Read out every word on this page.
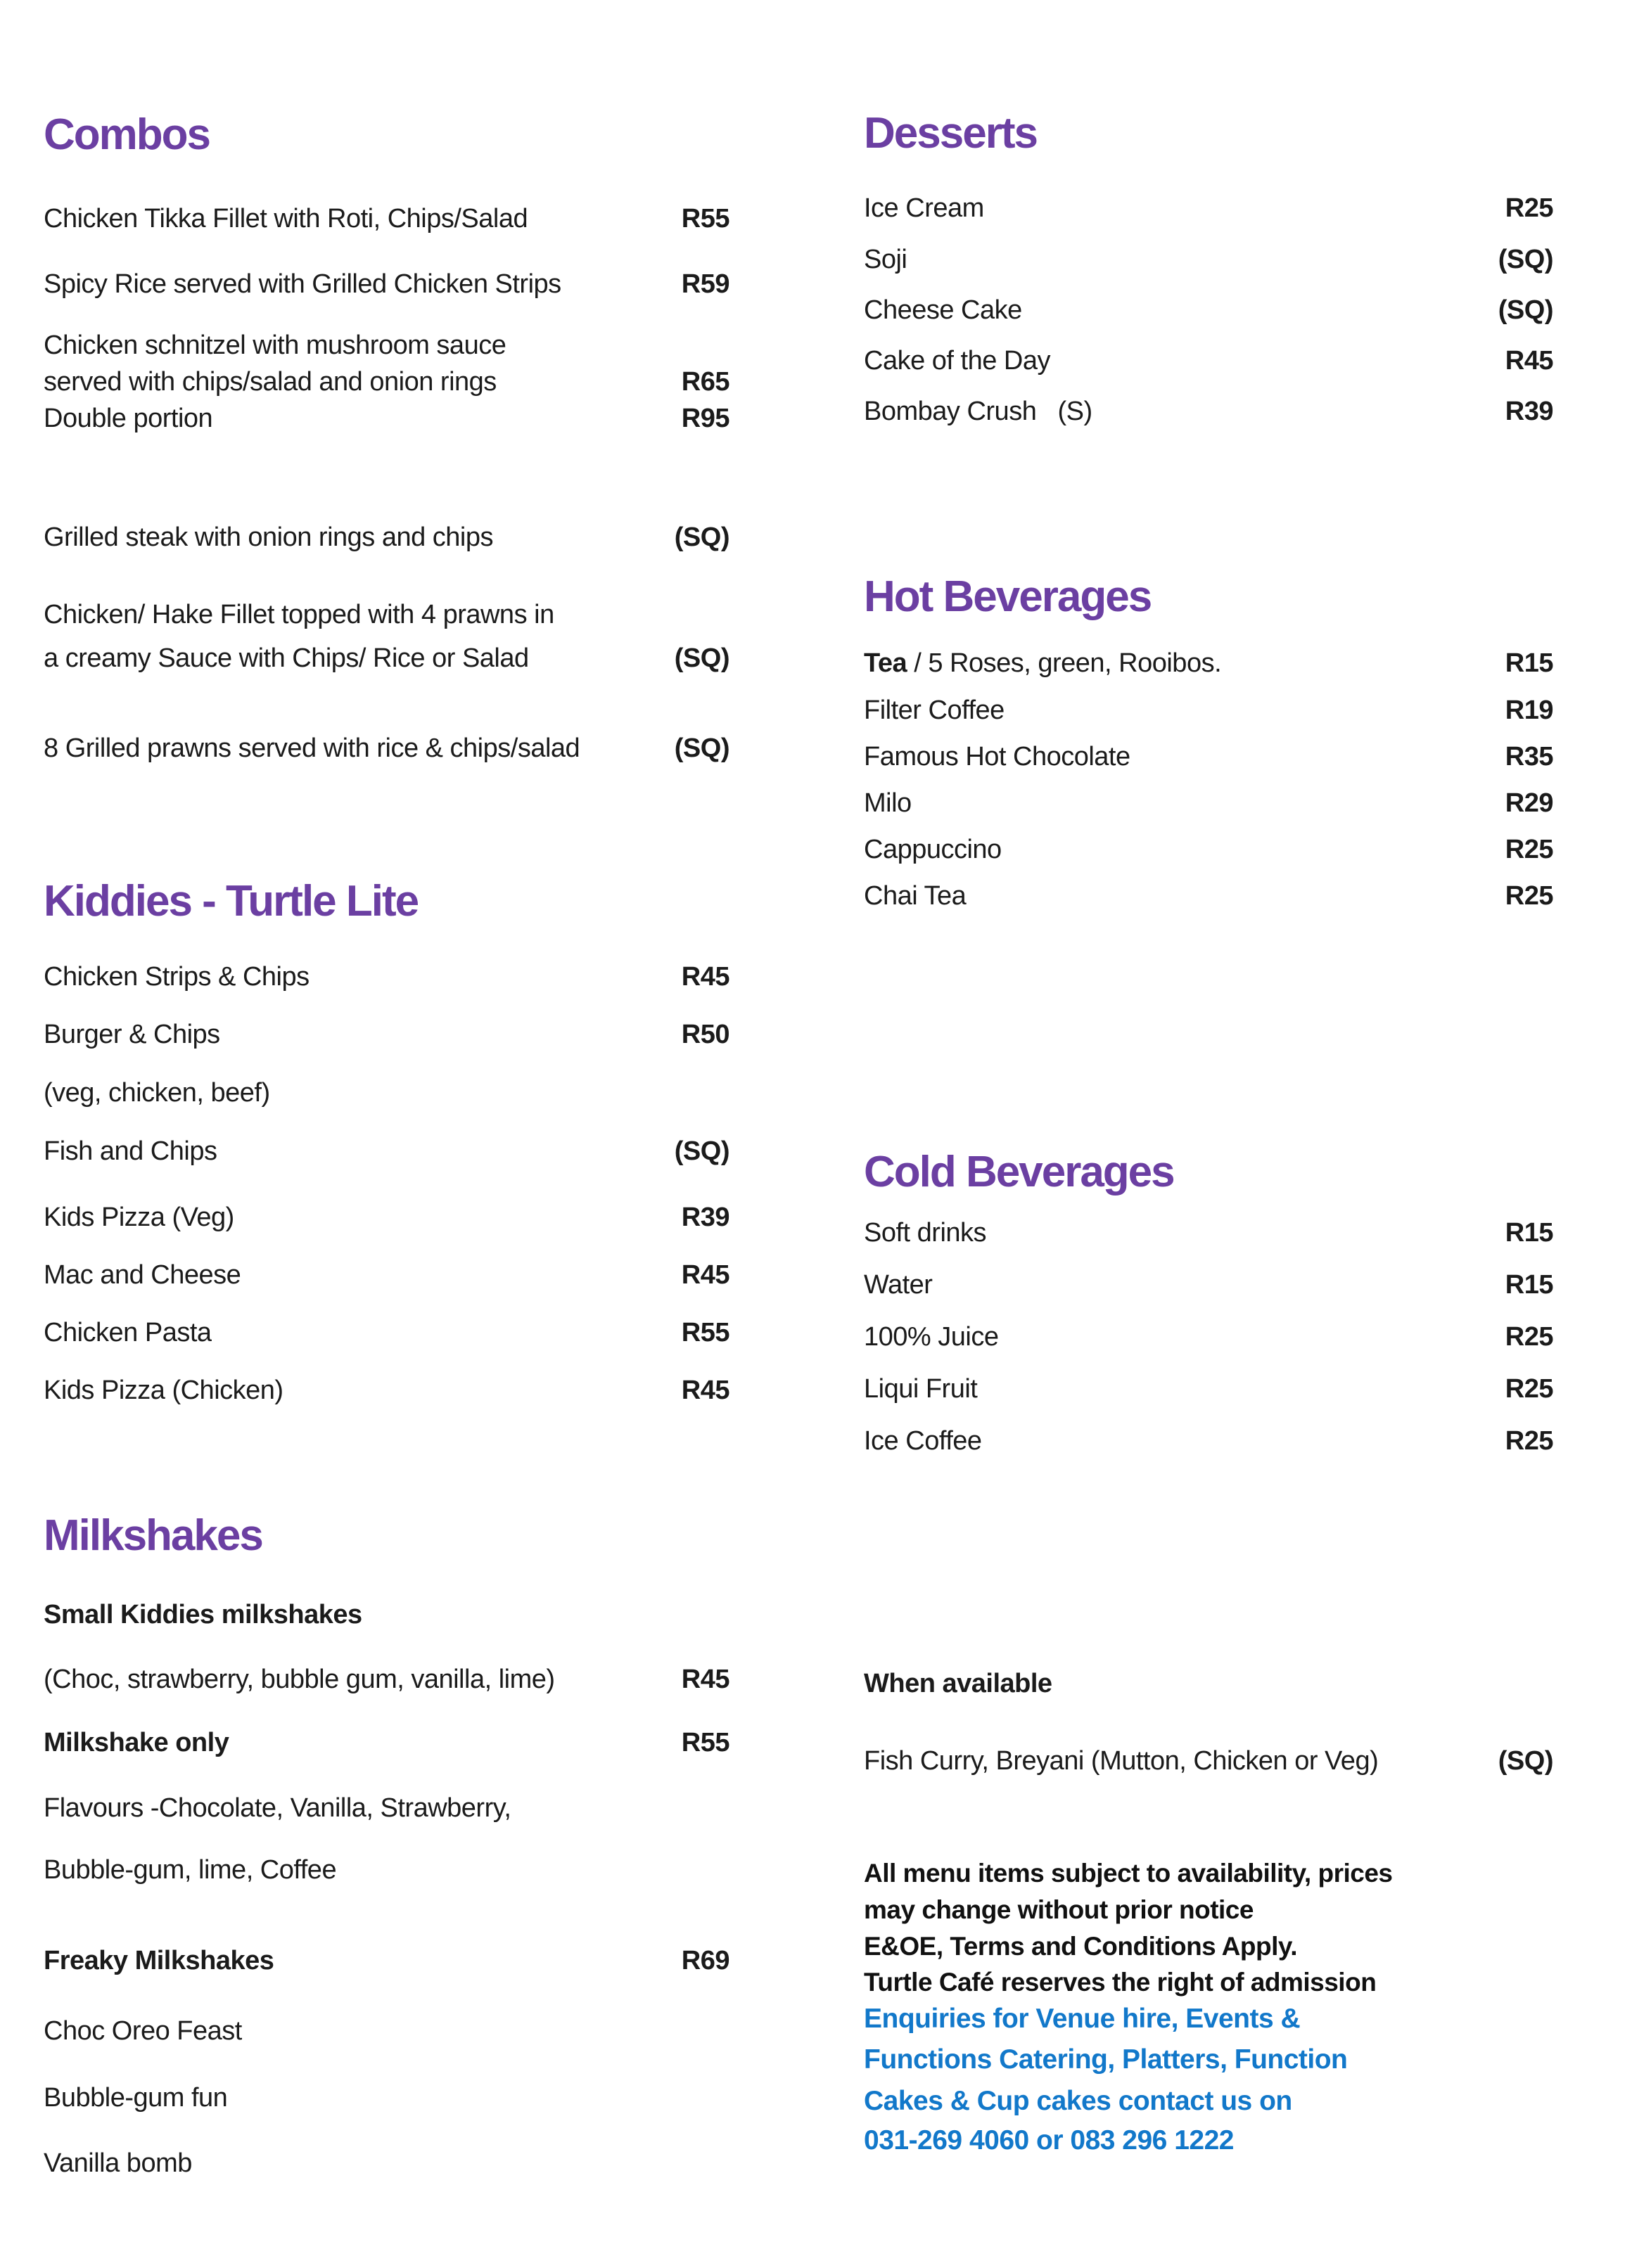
Combos
Chicken Tikka Fillet with Roti, Chips/Salad	R55
Spicy Rice served with Grilled Chicken Strips	R59
Chicken schnitzel with mushroom sauce
served with chips/salad and onion rings	R65
Double portion	R95
Grilled steak with onion rings and chips	(SQ)
Chicken/ Hake Fillet topped with 4 prawns in
a creamy Sauce with Chips/ Rice or Salad	(SQ)
8 Grilled prawns served with rice & chips/salad	(SQ)
Kiddies - Turtle Lite
Chicken Strips & Chips	R45
Burger & Chips	R50
(veg, chicken, beef)
Fish and Chips	(SQ)
Kids Pizza (Veg)	R39
Mac and Cheese	R45
Chicken Pasta	R55
Kids Pizza (Chicken)	R45
Milkshakes
Small Kiddies milkshakes
(Choc, strawberry, bubble gum, vanilla, lime)	R45
Milkshake only	R55
Flavours -Chocolate, Vanilla, Strawberry,
Bubble-gum, lime, Coffee
Freaky Milkshakes	R69
Choc Oreo Feast
Bubble-gum fun
Vanilla bomb
Desserts
Ice Cream	R25
Soji	(SQ)
Cheese Cake	(SQ)
Cake of the Day	R45
Bombay Crush   (S)	R39
Hot Beverages
Tea / 5 Roses, green, Rooibos.	R15
Filter Coffee	R19
Famous Hot Chocolate	R35
Milo	R29
Cappuccino	R25
Chai Tea	R25
Cold Beverages
Soft drinks	R15
Water	R15
100% Juice	R25
Liqui Fruit	R25
Ice Coffee	R25
When available
Fish Curry, Breyani (Mutton, Chicken or Veg)	(SQ)
All menu items subject to availability, prices
may change without prior notice
E&OE, Terms and Conditions Apply.
Turtle Café reserves the right of admission
Enquiries for Venue hire, Events &
Functions Catering, Platters, Function
Cakes & Cup cakes contact us on
031-269 4060 or 083 296 1222
